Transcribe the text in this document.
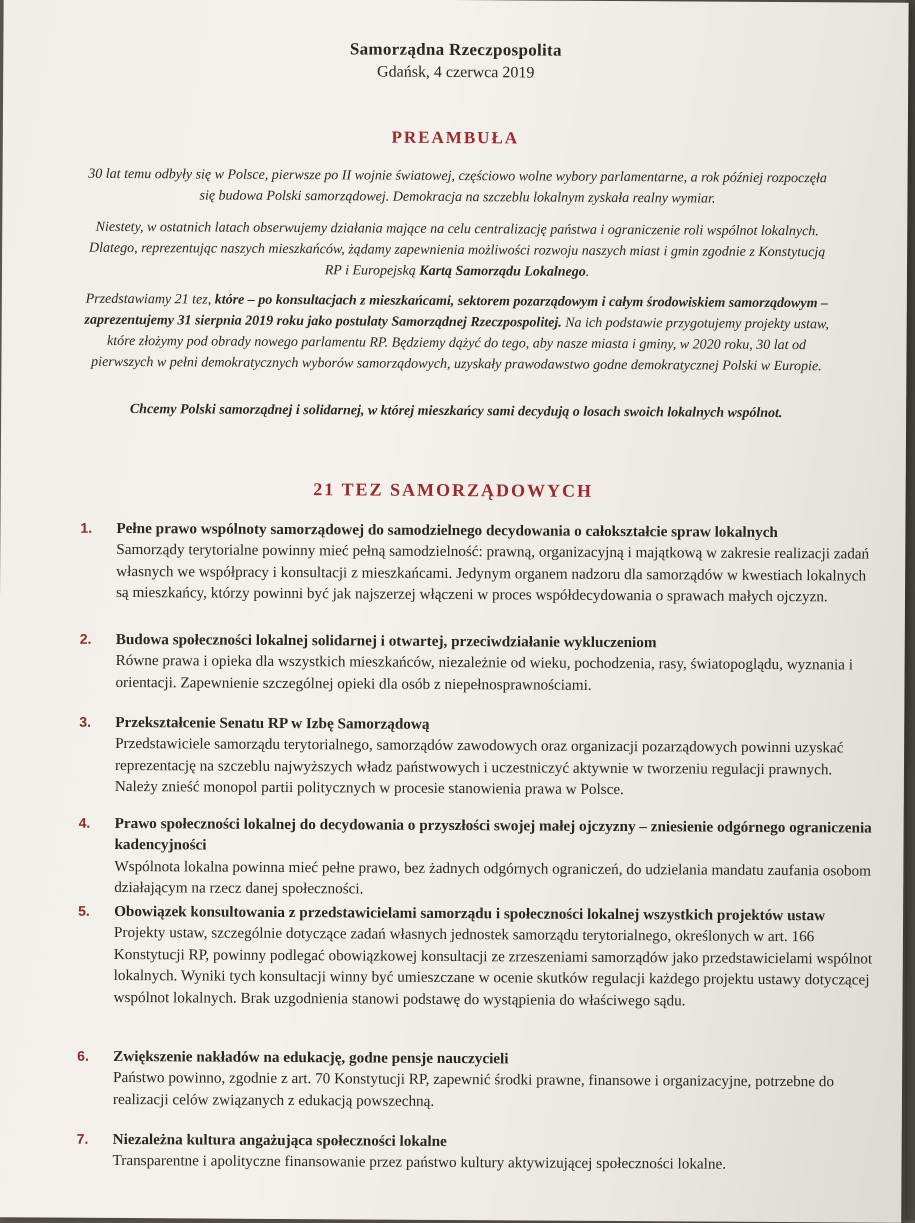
Samorządna Rzeczpospolita
Gdańsk, 4 czerwca 2019
PREAMBUŁA
30 lat temu odbyły się w Polsce, pierwsze po II wojnie światowej, częściowo wolne wybory parlamentarne, a rok później rozpoczęła się budowa Polski samorządowej. Demokracja na szczeblu lokalnym zyskała realny wymiar.
Niestety, w ostatnich latach obserwujemy działania mające na celu centralizację państwa i ograniczenie roli wspólnot lokalnych. Dlatego, reprezentując naszych mieszkańców, żądamy zapewnienia możliwości rozwoju naszych miast i gmin zgodnie z Konstytucją RP i Europejską Kartą Samorządu Lokalnego.
Przedstawiamy 21 tez, które – po konsultacjach z mieszkańcami, sektorem pozarządowym i całym środowiskiem samorządowym – zaprezentujemy 31 sierpnia 2019 roku jako postulaty Samorządnej Rzeczpospolitej. Na ich podstawie przygotujemy projekty ustaw, które złożymy pod obrady nowego parlamentu RP. Będziemy dążyć do tego, aby nasze miasta i gminy, w 2020 roku, 30 lat od pierwszych w pełni demokratycznych wyborów samorządowych, uzyskały prawodawstwo godne demokratycznej Polski w Europie.
Chcemy Polski samorządnej i solidarnej, w której mieszkańcy sami decydują o losach swoich lokalnych wspólnot.
21 TEZ SAMORZĄDOWYCH
1. Pełne prawo wspólnoty samorządowej do samodzielnego decydowania o całokształcie spraw lokalnych
Samorządy terytorialne powinny mieć pełną samodzielność: prawną, organizacyjną i majątkową w zakresie realizacji zadań własnych we współpracy i konsultacji z mieszkańcami. Jedynym organem nadzoru dla samorządów w kwestiach lokalnych są mieszkańcy, którzy powinni być jak najszerzej włączeni w proces współdecydowania o sprawach małych ojczyzn.
2. Budowa społeczności lokalnej solidarnej i otwartej, przeciwdziałanie wykluczeniom
Równe prawa i opieka dla wszystkich mieszkańców, niezależnie od wieku, pochodzenia, rasy, światopoglądu, wyznania i orientacji. Zapewnienie szczególnej opieki dla osób z niepełnosprawnościami.
3. Przekształcenie Senatu RP w Izbę Samorządową
Przedstawiciele samorządu terytorialnego, samorządów zawodowych oraz organizacji pozarządowych powinni uzyskać reprezentację na szczeblu najwyższych władz państwowych i uczestniczyć aktywnie w tworzeniu regulacji prawnych. Należy znieść monopol partii politycznych w procesie stanowienia prawa w Polsce.
4. Prawo społeczności lokalnej do decydowania o przyszłości swojej małej ojczyzny – zniesienie odgórnego ograniczenia kadencyjności
Wspólnota lokalna powinna mieć pełne prawo, bez żadnych odgórnych ograniczeń, do udzielania mandatu zaufania osobom działającym na rzecz danej społeczności.
5. Obowiązek konsultowania z przedstawicielami samorządu i społeczności lokalnej wszystkich projektów ustaw
Projekty ustaw, szczególnie dotyczące zadań własnych jednostek samorządu terytorialnego, określonych w art. 166 Konstytucji RP, powinny podlegać obowiązkowej konsultacji ze zrzeszeniami samorządów jako przedstawicielami wspólnot lokalnych. Wyniki tych konsultacji winny być umieszczane w ocenie skutków regulacji każdego projektu ustawy dotyczącej wspólnot lokalnych. Brak uzgodnienia stanowi podstawę do wystąpienia do właściwego sądu.
6. Zwiększenie nakładów na edukację, godne pensje nauczycieli
Państwo powinno, zgodnie z art. 70 Konstytucji RP, zapewnić środki prawne, finansowe i organizacyjne, potrzebne do realizacji celów związanych z edukacją powszechną.
7. Niezależna kultura angażująca społeczności lokalne
Transparentne i apolityczne finansowanie przez państwo kultury aktywizującej społeczności lokalne.
